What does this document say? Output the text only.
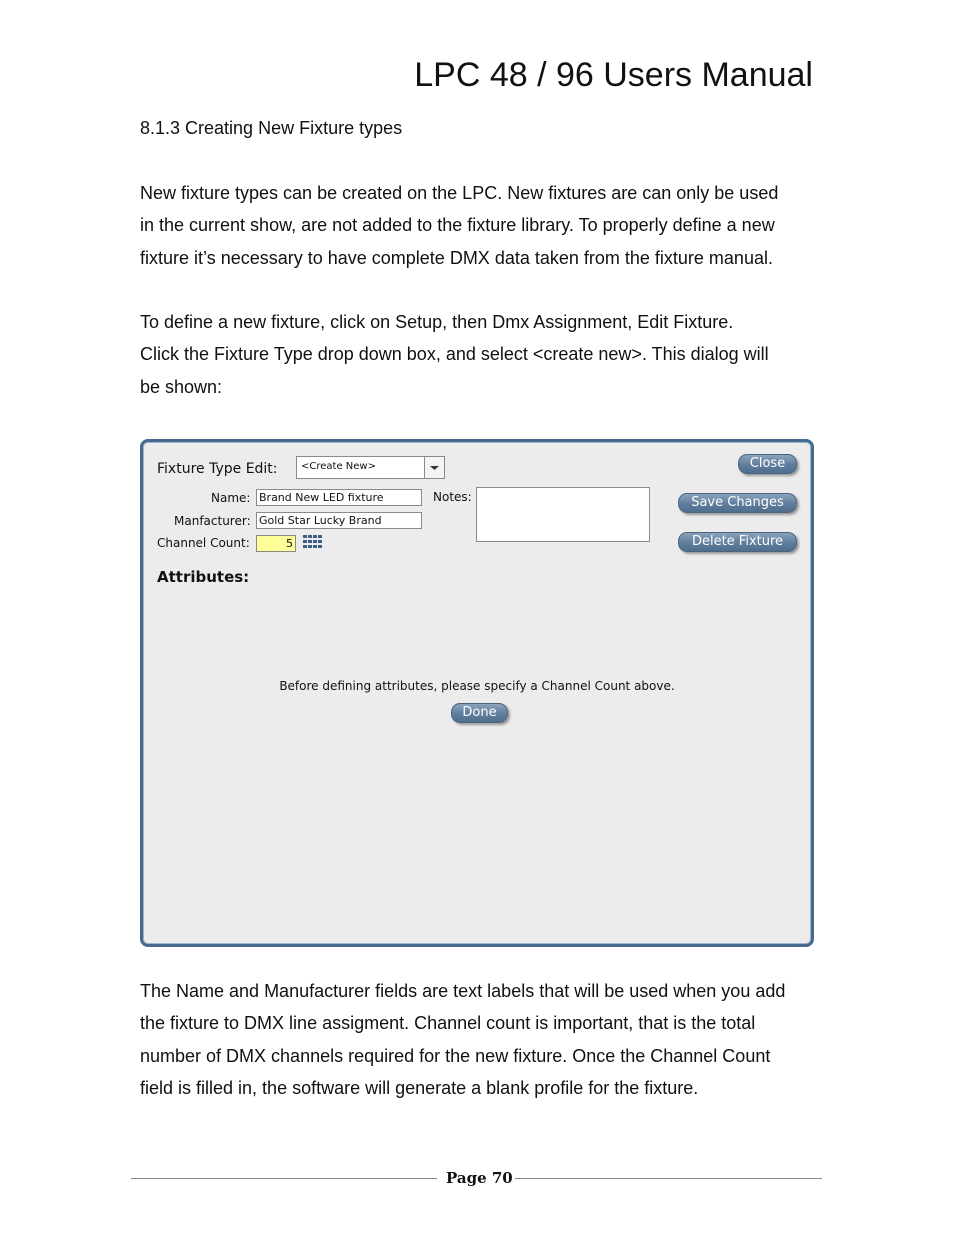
LPC 48 / 96 Users Manual
8.1.3 Creating New Fixture types
New fixture types can be created on the LPC. New fixtures are can only be used
in the current show, are not added to the fixture library. To properly define a new
fixture it’s necessary to have complete DMX data taken from the fixture manual.
To define a new fixture, click on Setup, then Dmx Assignment, Edit Fixture.
Click the Fixture Type drop down box, and select <create new>. This dialog will
be shown:
Fixture Type Edit: <Create New>
Name: Brand New LED fixture
Manfacturer: Gold Star Lucky Brand
Channel Count:	5
Notes:
Close
Save Changes
Delete Fixture
Attributes:
Before defining attributes, please specify a Channel Count above.
Done
The Name and Manufacturer fields are text labels that will be used when you add
the fixture to DMX line assigment. Channel count is important, that is the total
number of DMX channels required for the new fixture. Once the Channel Count
field is filled in, the software will generate a blank profile for the fixture.
Page 70
